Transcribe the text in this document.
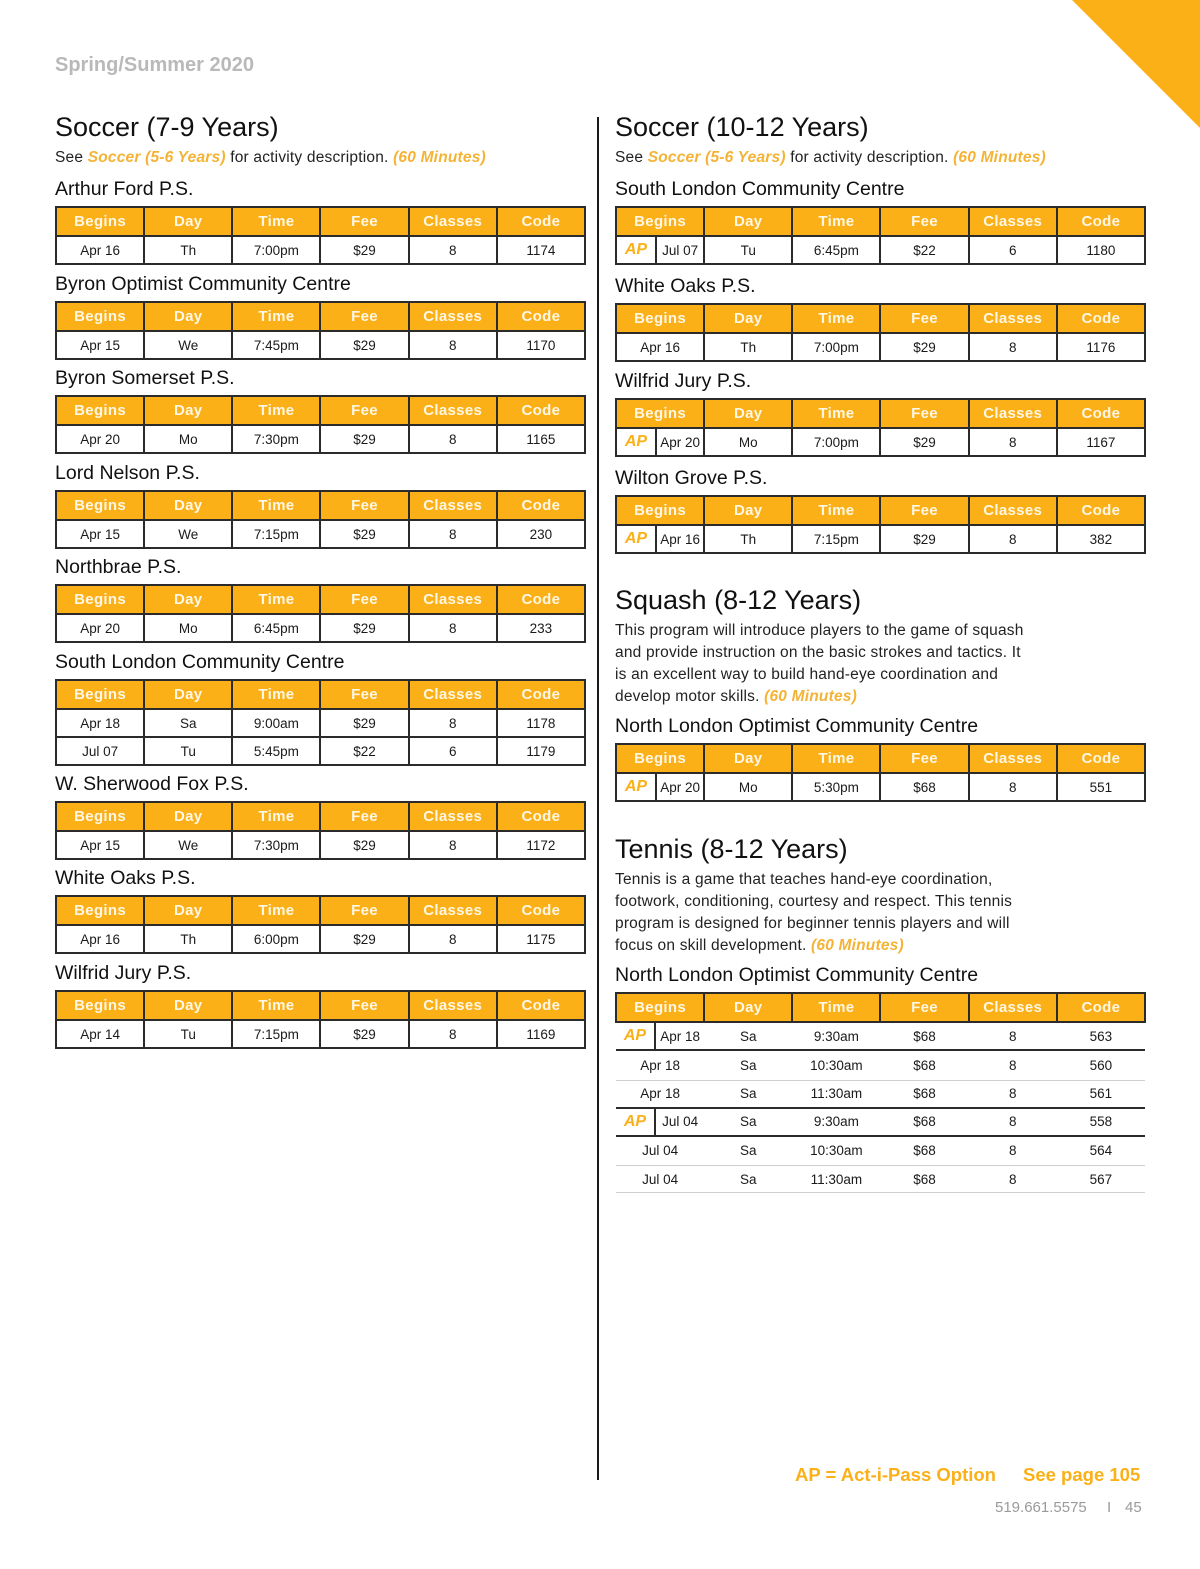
Spring/Summer 2020
Soccer (7-9 Years)
See Soccer (5-6 Years) for activity description. (60 Minutes)
Arthur Ford P.S.
Begins	Day	Time	Fee	Classes	Code
Apr 16	Th	7:00pm	$29	8	1174
Byron Optimist Community Centre
Begins	Day	Time	Fee	Classes	Code
Apr 15	We	7:45pm	$29	8	1170
Byron Somerset P.S.
Begins	Day	Time	Fee	Classes	Code
Apr 20	Mo	7:30pm	$29	8	1165
Lord Nelson P.S.
Begins	Day	Time	Fee	Classes	Code
Apr 15	We	7:15pm	$29	8	230
Northbrae P.S.
Begins	Day	Time	Fee	Classes	Code
Apr 20	Mo	6:45pm	$29	8	233
South London Community Centre
Begins	Day	Time	Fee	Classes	Code
Apr 18	Sa	9:00am	$29	8	1178
Jul 07	Tu	5:45pm	$22	6	1179
W. Sherwood Fox P.S.
Begins	Day	Time	Fee	Classes	Code
Apr 15	We	7:30pm	$29	8	1172
White Oaks P.S.
Begins	Day	Time	Fee	Classes	Code
Apr 16	Th	6:00pm	$29	8	1175
Wilfrid Jury P.S.
Begins	Day	Time	Fee	Classes	Code
Apr 14	Tu	7:15pm	$29	8	1169
Soccer (10-12 Years)
See Soccer (5-6 Years) for activity description. (60 Minutes)
South London Community Centre
Begins	Day	Time	Fee	Classes	Code

AP Jul 07	Tu	6:45pm	$22	6	1180
White Oaks P.S.
Begins	Day	Time	Fee	Classes	Code
Apr 16	Th	7:00pm	$29	8	1176
Wilfrid Jury P.S.
Begins	Day	Time	Fee	Classes	Code

AP Apr 20	Mo	7:00pm	$29	8	1167
Wilton Grove P.S.
Begins	Day	Time	Fee	Classes	Code

AP Apr 16	Th	7:15pm	$29	8	382
Squash (8-12 Years)
This program will introduce players to the game of squash
and provide instruction on the basic strokes and tactics. It
is an excellent way to build hand-eye coordination and
develop motor skills. (60 Minutes)
North London Optimist Community Centre
Begins	Day	Time	Fee	Classes	Code

AP Apr 20	Mo	5:30pm	$68	8	551
Tennis (8-12 Years)
Tennis is a game that teaches hand-eye coordination,
footwork, conditioning, courtesy and respect. This tennis
program is designed for beginner tennis players and will
focus on skill development. (60 Minutes)
North London Optimist Community Centre
Begins	Day	Time	Fee	Classes	Code

AP Apr 18	Sa	9:30am	$68	8	563
Apr 18	Sa	10:30am	$68	8	560
Apr 18	Sa	11:30am	$68	8	561

AP Jul 04	Sa	9:30am	$68	8	558
Jul 04	Sa	10:30am	$68	8	564
Jul 04	Sa	11:30am	$68	8	567
AP = Act-i-Pass Option See page 105
519.661.5575 I 45
